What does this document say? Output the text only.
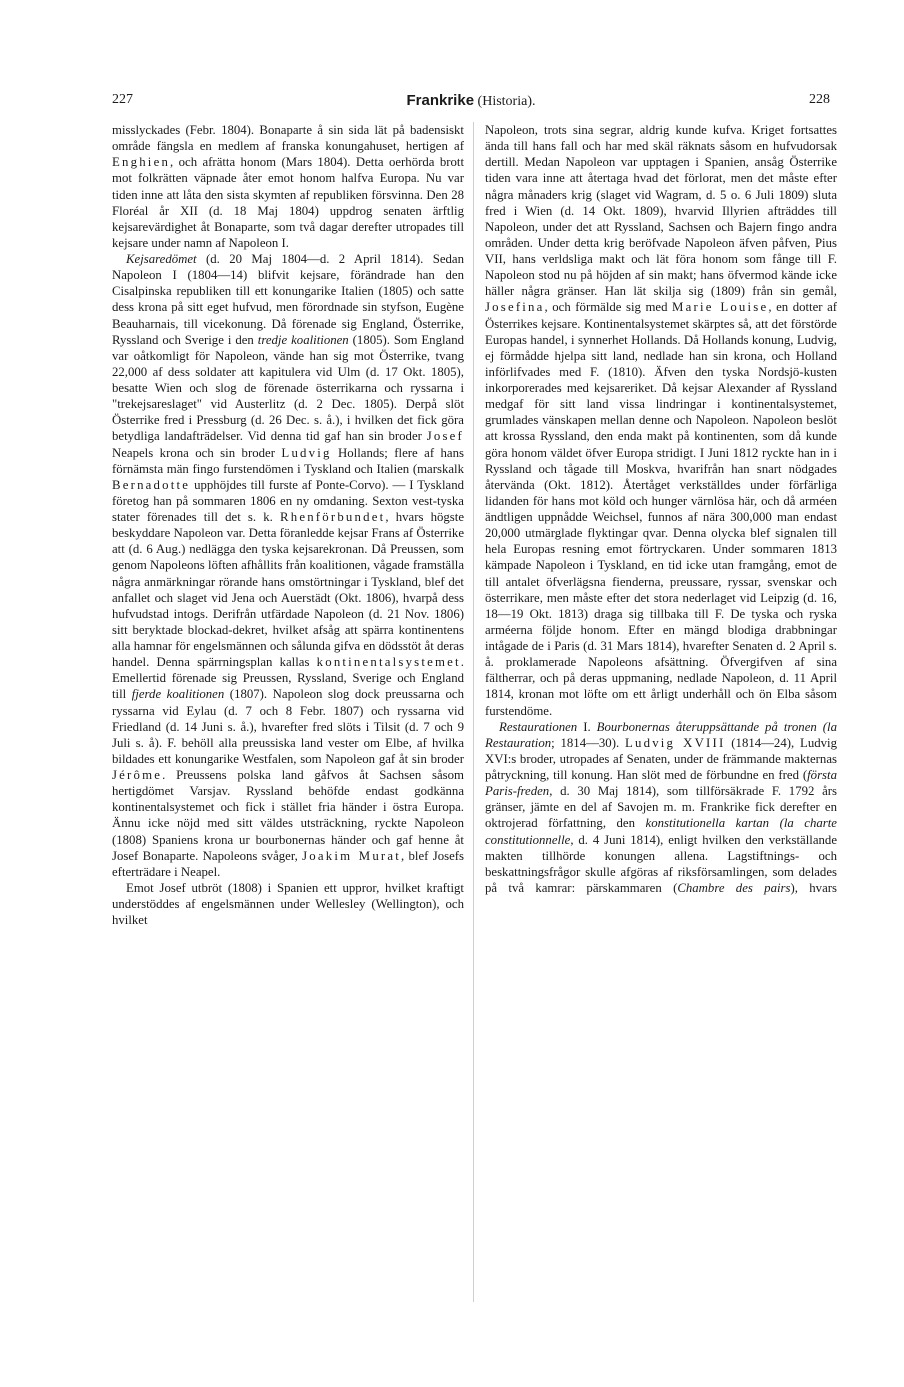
227	Frankrike (Historia).	228

misslyckades (Febr. 1804). Bonaparte å sin sida lät på badensiskt område fängsla en medlem af franska konungahuset, hertigen af Enghien, och afrätta honom (Mars 1804). Detta oerhörda brott mot folkrätten väpnade åter emot honom halfva Europa. Nu var tiden inne att låta den sista skymten af republiken försvinna. Den 28 Floréal år XII (d. 18 Maj 1804) uppdrog senaten ärftlig kejsarevärdighet åt Bonaparte, som två dagar derefter utropades till kejsare under namn af Napoleon I.

Kejsaredömet (d. 20 Maj 1804—d. 2 April 1814). Sedan Napoleon I (1804—14) blifvit kejsare, förändrade han den Cisalpinska republiken till ett konungarike Italien (1805) och satte dess krona på sitt eget hufvud, men förordnade sin styfson, Eugène Beauharnais, till vicekonung. Då förenade sig England, Österrike, Ryssland och Sverige i den tredje koalitionen (1805). Som England var oåtkomligt för Napoleon, vände han sig mot Österrike, tvang 22,000 af dess soldater att kapitulera vid Ulm (d. 17 Okt. 1805), besatte Wien och slog de förenade österrikarna och ryssarna i "trekejsareslaget" vid Austerlitz (d. 2 Dec. 1805). Derpå slöt Österrike fred i Pressburg (d. 26 Dec. s. å.), i hvilken det fick göra betydliga landafträdelser. Vid denna tid gaf han sin broder Josef Neapels krona och sin broder Ludvig Hollands; flere af hans förnämsta män fingo furstendömen i Tyskland och Italien (marskalk Bernadotte upphöjdes till furste af Ponte-Corvo). — I Tyskland företog han på sommaren 1806 en ny omdaning. Sexton vest-tyska stater förenades till det s. k. Rhenförbundet, hvars högste beskyddare Napoleon var. Detta föranledde kejsar Frans af Österrike att (d. 6 Aug.) nedlägga den tyska kejsarekronan. Då Preussen, som genom Napoleons löften afhållits från koalitionen, vågade framställa några anmärkningar rörande hans omstörtningar i Tyskland, blef det anfallet och slaget vid Jena och Auerstädt (Okt. 1806), hvarpå dess hufvudstad intogs. Derifrån utfärdade Napoleon (d. 21 Nov. 1806) sitt beryktade blockad-dekret, hvilket afsåg att spärra kontinentens alla hamnar för engelsmännen och sålunda gifva en dödsstöt åt deras handel. Denna spärrningsplan kallas kontinentalsystemet. Emellertid förenade sig Preussen, Ryssland, Sverige och England till fjerde koalitionen (1807). Napoleon slog dock preussarna och ryssarna vid Eylau (d. 7 och 8 Febr. 1807) och ryssarna vid Friedland (d. 14 Juni s. å.), hvarefter fred slöts i Tilsit (d. 7 och 9 Juli s. å). F. behöll alla preussiska land vester om Elbe, af hvilka bildades ett konungarike Westfalen, som Napoleon gaf åt sin broder Jérôme. Preussens polska land gåfvos åt Sachsen såsom hertigdömet Varsjav. Ryssland behöfde endast godkänna kontinentalsystemet och fick i stället fria händer i östra Europa. Ännu icke nöjd med sitt väldes utsträckning, ryckte Napoleon (1808) Spaniens krona ur bourbonernas händer och gaf henne åt Josef Bonaparte. Napoleons svåger, Joakim Murat, blef Josefs efterträdare i Neapel.

Emot Josef utbröt (1808) i Spanien ett uppror, hvilket kraftigt understöddes af engelsmännen under Wellesley (Wellington), och hvilket

Napoleon, trots sina segrar, aldrig kunde kufva. Kriget fortsattes ända till hans fall och har med skäl räknats såsom en hufvudorsak dertill. Medan Napoleon var upptagen i Spanien, ansåg Österrike tiden vara inne att återtaga hvad det förlorat, men det måste efter några månaders krig (slaget vid Wagram, d. 5 o. 6 Juli 1809) sluta fred i Wien (d. 14 Okt. 1809), hvarvid Illyrien afträddes till Napoleon, under det att Ryssland, Sachsen och Bajern fingo andra områden. Under detta krig beröfvade Napoleon äfven påfven, Pius VII, hans verldsliga makt och lät föra honom som fånge till F. Napoleon stod nu på höjden af sin makt; hans öfvermod kände icke häller några gränser. Han lät skilja sig (1809) från sin gemål, Josefina, och förmälde sig med Marie Louise, en dotter af Österrikes kejsare. Kontinentalsystemet skärptes så, att det förstörde Europas handel, i synnerhet Hollands. Då Hollands konung, Ludvig, ej förmådde hjelpa sitt land, nedlade han sin krona, och Holland införlifvades med F. (1810). Äfven den tyska Nordsjö-kusten inkorporerades med kejsareriket. Då kejsar Alexander af Ryssland medgaf för sitt land vissa lindringar i kontinentalsystemet, grumlades vänskapen mellan denne och Napoleon. Napoleon beslöt att krossa Ryssland, den enda makt på kontinenten, som då kunde göra honom väldet öfver Europa stridigt. I Juni 1812 ryckte han in i Ryssland och tågade till Moskva, hvarifrån han snart nödgades återvända (Okt. 1812). Återtåget verkställdes under förfärliga lidanden för hans mot köld och hunger värnlösa här, och då arméen ändtligen uppnådde Weichsel, funnos af nära 300,000 man endast 20,000 utmärglade flyktingar qvar. Denna olycka blef signalen till hela Europas resning emot förtryckaren. Under sommaren 1813 kämpade Napoleon i Tyskland, en tid icke utan framgång, emot de till antalet öfverlägsna fienderna, preussare, ryssar, svenskar och österrikare, men måste efter det stora nederlaget vid Leipzig (d. 16, 18—19 Okt. 1813) draga sig tillbaka till F. De tyska och ryska arméerna följde honom. Efter en mängd blodiga drabbningar intågade de i Paris (d. 31 Mars 1814), hvarefter Senaten d. 2 April s. å. proklamerade Napoleons afsättning. Öfvergifven af sina fältherrar, och på deras uppmaning, nedlade Napoleon, d. 11 April 1814, kronan mot löfte om ett årligt underhåll och ön Elba såsom furstendöme.

Restaurationen I. Bourbonernas återuppsättande på tronen (la Restauration; 1814—30). Ludvig XVIII (1814—24), Ludvig XVI:s broder, utropades af Senaten, under de främmande makternas påtryckning, till konung. Han slöt med de förbundne en fred (första Paris-freden, d. 30 Maj 1814), som tillförsäkrade F. 1792 års gränser, jämte en del af Savojen m. m. Frankrike fick derefter en oktrojerad författning, den konstitutionella kartan (la charte constitutionnelle, d. 4 Juni 1814), enligt hvilken den verkställande makten tillhörde konungen allena. Lagstiftnings- och beskattningsfrågor skulle afgöras af riksförsamlingen, som delades på två kamrar: pärskammaren (Chambre des pairs), hvars
